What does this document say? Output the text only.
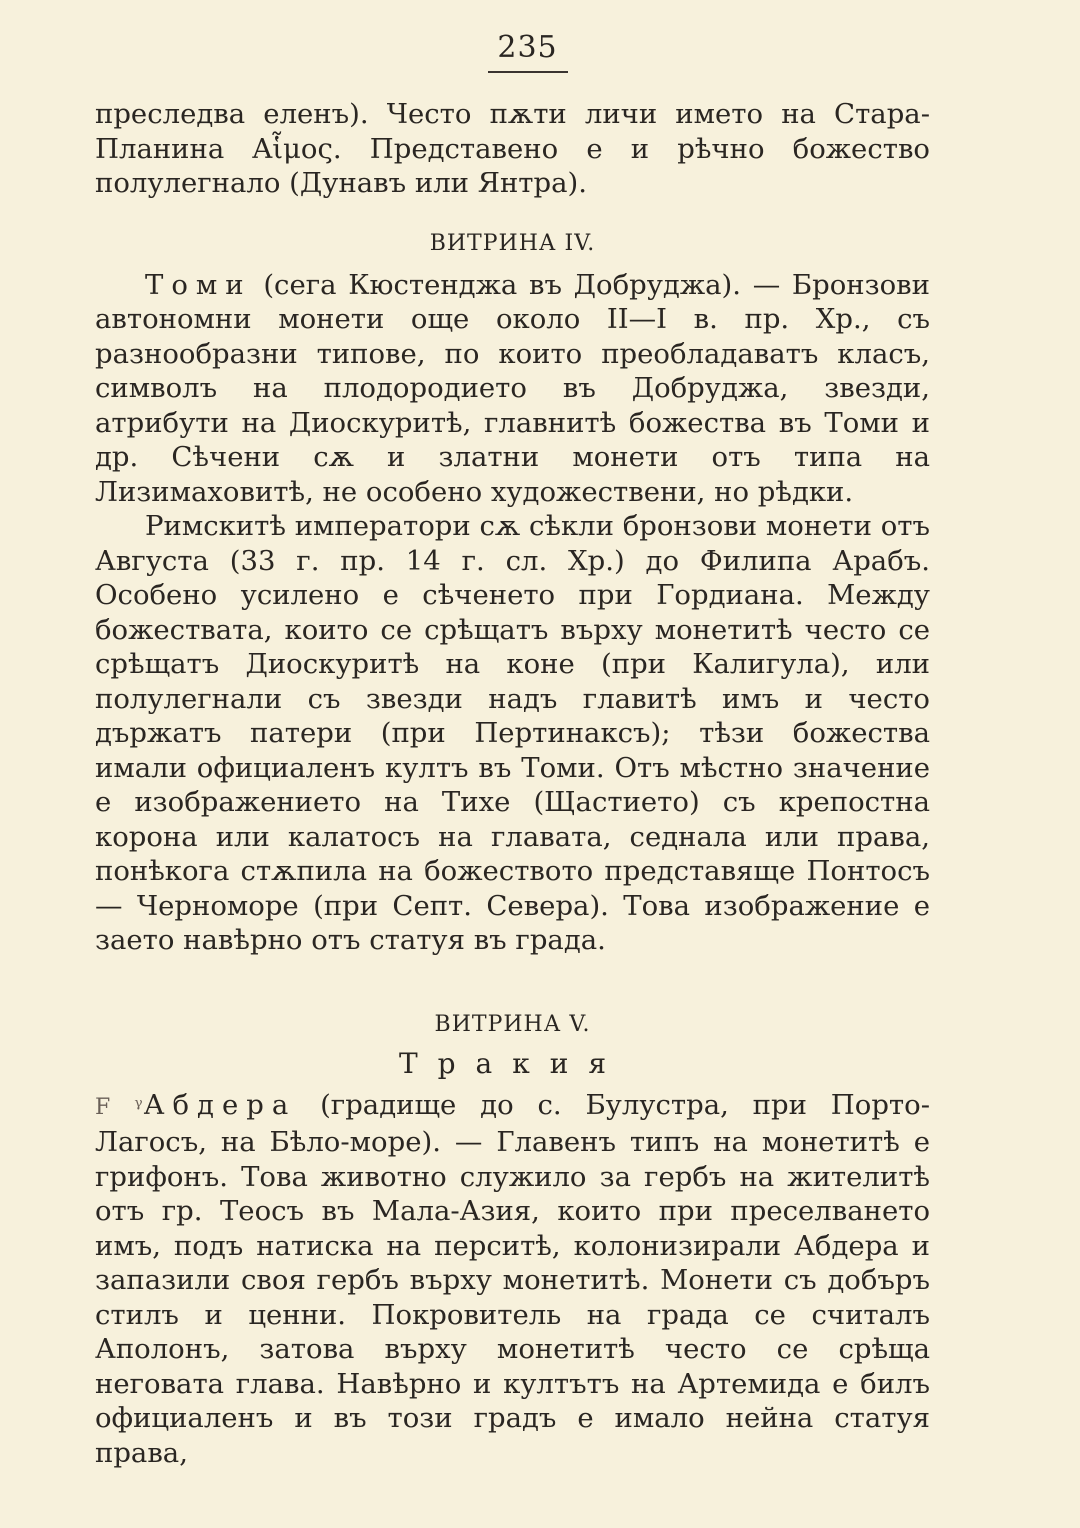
235

преследва еленъ). Често пѫти личи името на Стара-Планина Αἷμος. Представено е и рѣчно божество полулегнало (Дунавъ или Янтра).

ВИТРИНА IV.

Томи (сега Кюстенджа въ Добруджа). — Бронзови автономни монети още около II—I в. пр. Хр., съ разнообразни типове, по които преобладаватъ класъ, символъ на плодородието въ Добруджа, звезди, атрибути на Диоскуритѣ, главнитѣ божества въ Томи и др. Сѣчени сѫ и златни монети отъ типа на Лизимаховитѣ, не особено художествени, но рѣдки.

Римскитѣ императори сѫ сѣкли бронзови монети отъ Августа (33 г. пр. 14 г. сл. Хр.) до Филипа Арабъ. Особено усилено е сѣченето при Гордиана. Между божествата, които се срѣщатъ върху монетитѣ често се срѣщатъ Диоскуритѣ на коне (при Калигула), или полулегнали съ звезди надъ главитѣ имъ и често държатъ патери (при Пертинаксъ); тѣзи божества имали официаленъ култъ въ Томи. Отъ мѣстно значение е изображението на Тихе (Щастието) съ крепостна корона или калатосъ на главата, седнала или права, понѣкога стѫпила на божеството представяще Понтосъ — Черноморе (при Септ. Севера). Това изображение е заето навѣрно отъ статуя въ града.

ВИТРИНА V.
Тракия

F ᵞАбдера (градище до с. Булустра, при Порто-Лагосъ, на Бѣло-море). — Главенъ типъ на монетитѣ е грифонъ. Това животно служило за гербъ на жителитѣ отъ гр. Теосъ въ Мала-Азия, които при преселването имъ, подъ натиска на перситѣ, колонизирали Абдера и запазили своя гербъ върху монетитѣ. Монети съ добъръ стилъ и ценни. Покровитель на града се считалъ Аполонъ, затова върху монетитѣ често се срѣща неговата глава. Навѣрно и култътъ на Артемида е билъ официаленъ и въ този градъ е имало нейна статуя права,
